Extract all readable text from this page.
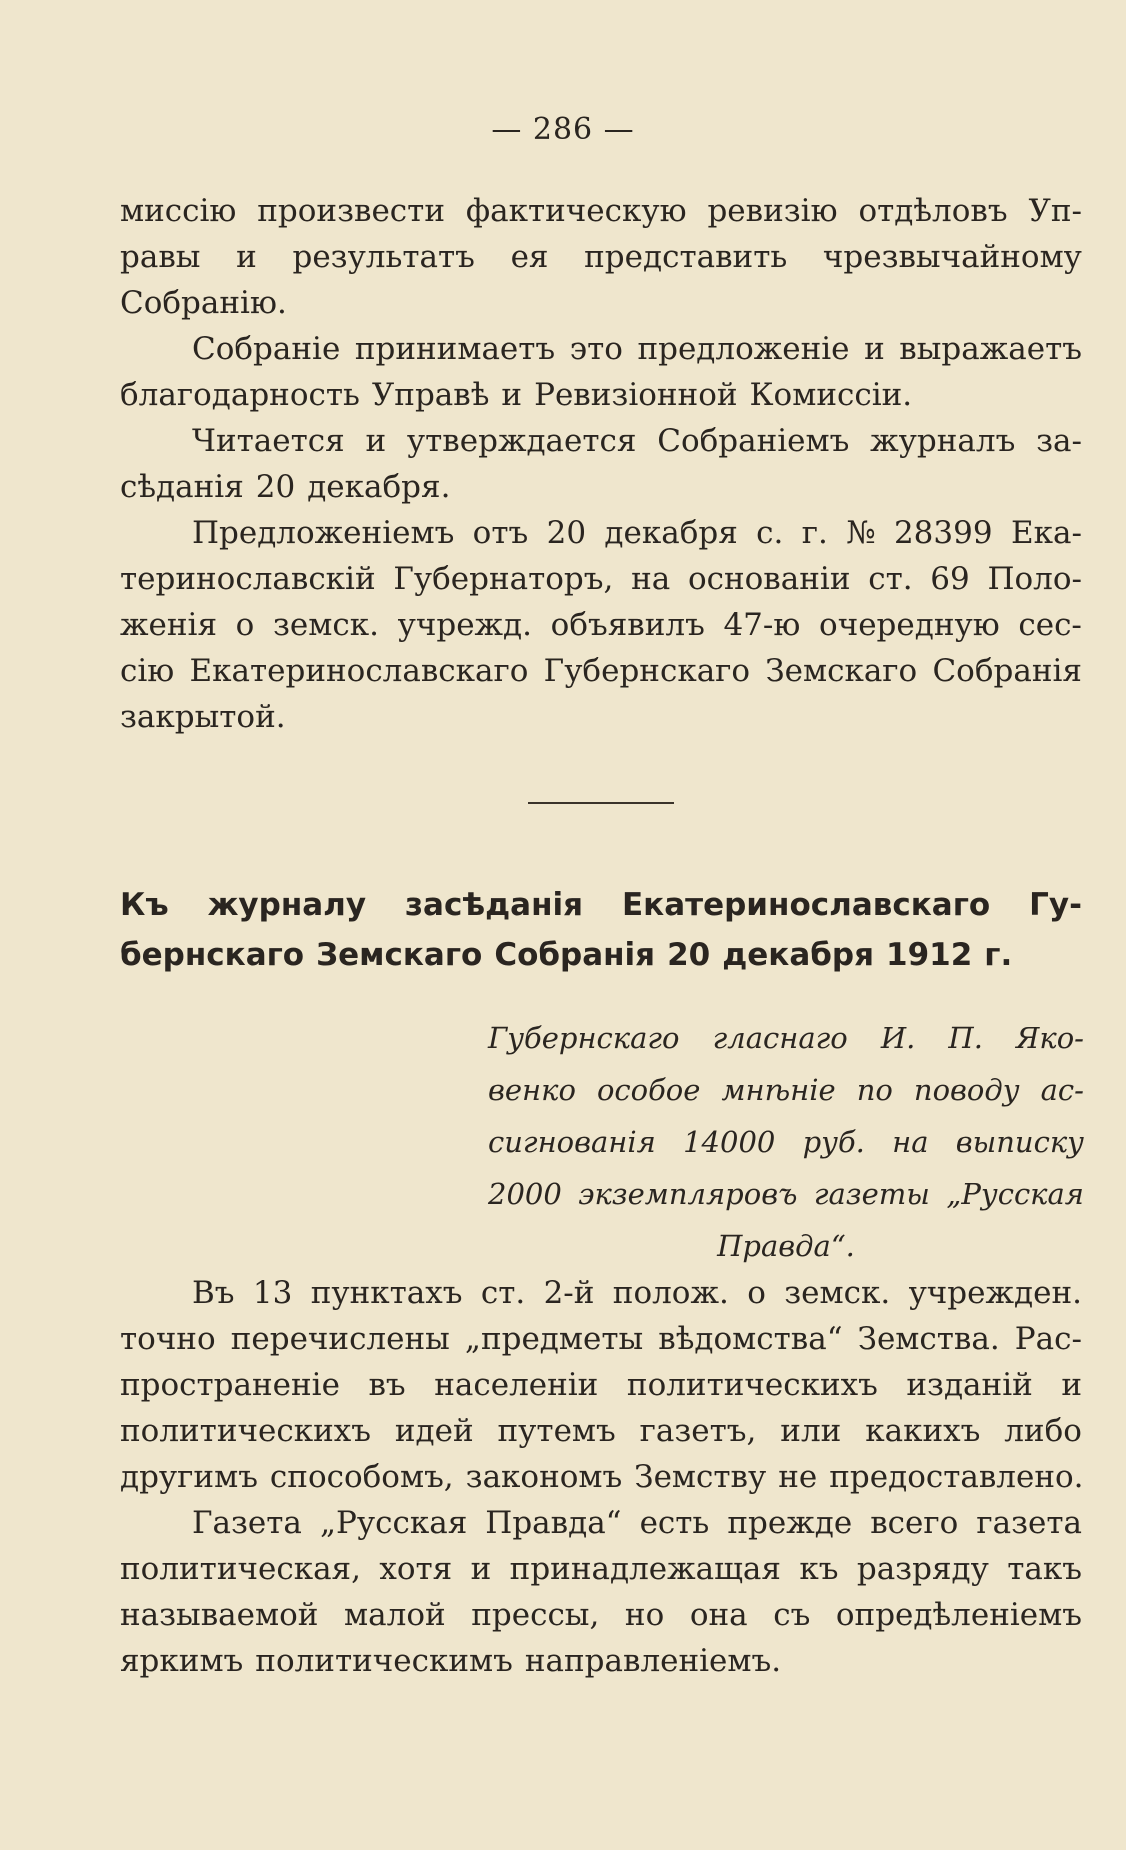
— 286 —
миссію произвести фактическую ревизію отдѣловъ Уп-
равы и результатъ ея представить чрезвычайному
Собранію.
Собраніе принимаетъ это предложеніе и выражаетъ
благодарность Управѣ и Ревизіонной Комиссіи.
Читается и утверждается Собраніемъ журналъ за-
сѣданія 20 декабря.
Предложеніемъ отъ 20 декабря с. г. № 28399 Ека-
теринославскій Губернаторъ, на основаніи ст. 69 Поло-
женія о земск. учрежд. объявилъ 47-ю очередную сес-
сію Екатеринославскаго Губернскаго Земскаго Собранія
закрытой.
Къ журналу засѣданія Екатеринославскаго Гу-
бернскаго Земскаго Собранія 20 декабря 1912 г.
Губернскаго гласнаго И. П. Яко-
венко особое мнѣніе по поводу ас-
сигнованія 14000 руб. на выписку
2000 экземпляровъ газеты „Русская
Правда“.
Въ 13 пунктахъ ст. 2-й полож. о земск. учрежден.
точно перечислены „предметы вѣдомства“ Земства. Рас-
пространеніе въ населеніи политическихъ изданій и
политическихъ идей путемъ газетъ, или какихъ либо
другимъ способомъ, закономъ Земству не предоставлено.
Газета „Русская Правда“ есть прежде всего газета
политическая, хотя и принадлежащая къ разряду такъ
называемой малой прессы, но она съ опредѣленіемъ
яркимъ политическимъ направленіемъ.
